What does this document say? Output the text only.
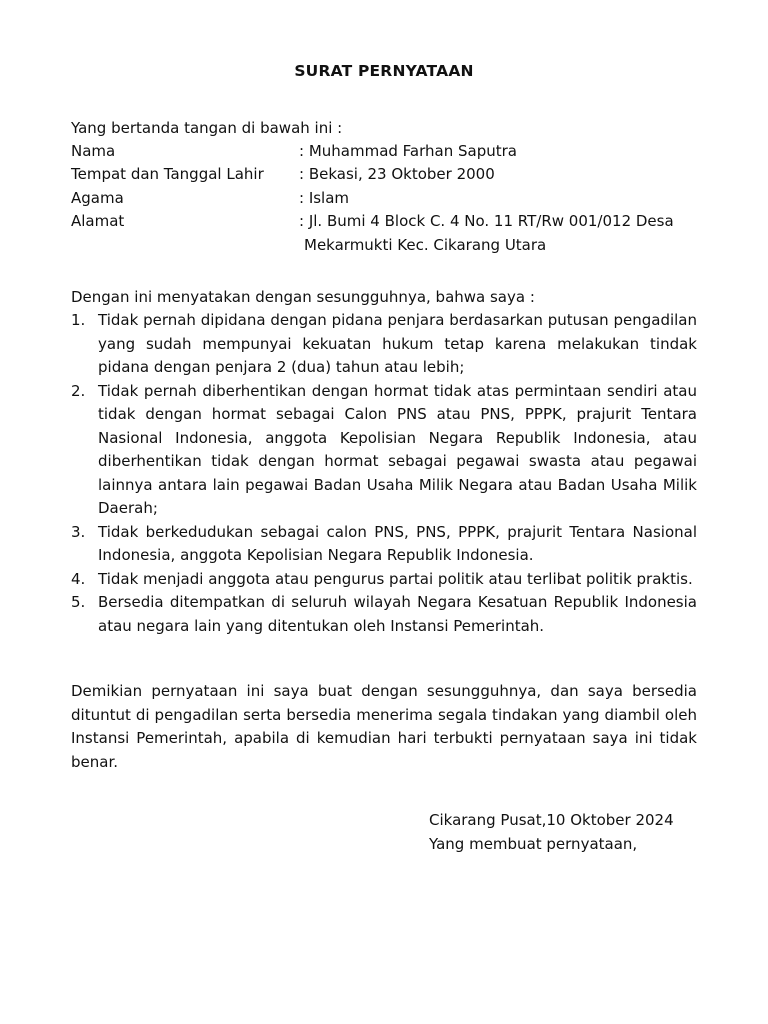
SURAT PERNYATAAN
Yang bertanda tangan di bawah ini :
Nama	: Muhammad Farhan Saputra
Tempat dan Tanggal Lahir : Bekasi, 23 Oktober 2000
Agama	: Islam
Alamat	: Jl. Bumi 4 Block C. 4 No. 11 RT/Rw 001/012 Desa
Mekarmukti Kec. Cikarang Utara
Dengan ini menyatakan dengan sesungguhnya, bahwa saya :
1. Tidak pernah dipidana dengan pidana penjara berdasarkan putusan pengadilan yang sudah mempunyai kekuatan hukum tetap karena melakukan tindak pidana dengan penjara 2 (dua) tahun atau lebih;
2. Tidak pernah diberhentikan dengan hormat tidak atas permintaan sendiri atau tidak dengan hormat sebagai Calon PNS atau PNS, PPPK, prajurit Tentara Nasional Indonesia, anggota Kepolisian Negara Republik Indonesia, atau diberhentikan tidak dengan hormat sebagai pegawai swasta atau pegawai lainnya antara lain pegawai Badan Usaha Milik Negara atau Badan Usaha Milik Daerah;
3. Tidak berkedudukan sebagai calon PNS, PNS, PPPK, prajurit Tentara Nasional Indonesia, anggota Kepolisian Negara Republik Indonesia.
4. Tidak menjadi anggota atau pengurus partai politik atau terlibat politik praktis.
5. Bersedia ditempatkan di seluruh wilayah Negara Kesatuan Republik Indonesia atau negara lain yang ditentukan oleh Instansi Pemerintah.
Demikian pernyataan ini saya buat dengan sesungguhnya, dan saya bersedia dituntut di pengadilan serta bersedia menerima segala tindakan yang diambil oleh Instansi Pemerintah, apabila di kemudian hari terbukti pernyataan saya ini tidak benar.
Cikarang Pusat,10 Oktober 2024
Yang membuat pernyataan,
